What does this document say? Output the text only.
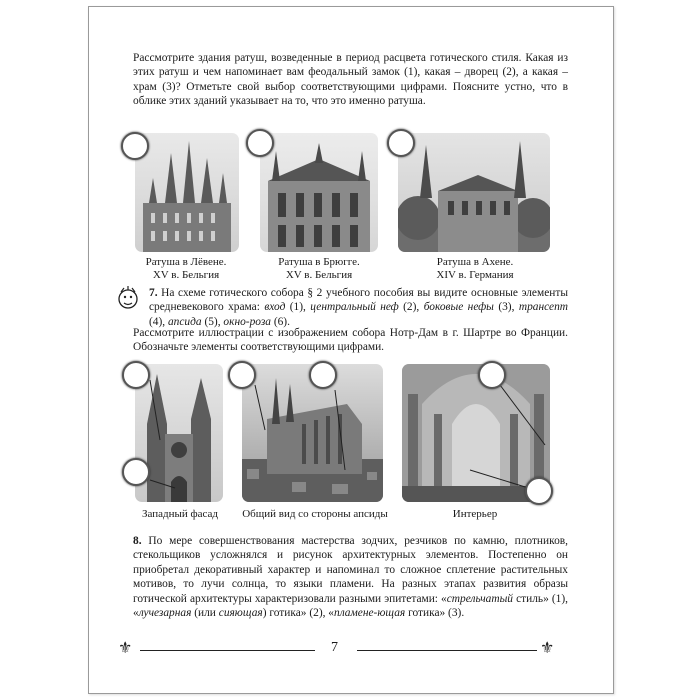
Рассмотрите здания ратуш, возведенные в период расцвета готического стиля. Какая из этих ратуш и чем напоминает вам феодальный замок (1), какая – дворец (2), а какая – храм (3)? Отметьте свой выбор соответствующими цифрами. Поясните устно, что в облике этих зданий указывает на то, что это именно ратуша.
Ратуша в Лёвене.
XV в. Бельгия
Ратуша в Брюгге.
XV в. Бельгия
Ратуша в Ахене.
XIV в. Германия
7. На схеме готического собора § 2 учебного пособия вы видите основные элементы средневекового храма: вход (1), центральный неф (2), боковые нефы (3), трансепт (4), апсида (5), окно-роза (6).
Рассмотрите иллюстрации с изображением собора Нотр-Дам в г. Шартре во Франции. Обозначьте элементы соответствующими цифрами.
Западный фасад	Общий вид со стороны апсиды	Интерьер
8. По мере совершенствования мастерства зодчих, резчиков по камню, плотников, стекольщиков усложнялся и рисунок архитектурных элементов. Постепенно он приобретал декоративный характер и напоминал то сложное сплетение растительных мотивов, то лучи солнца, то языки пламени. На разных этапах развития образы готической архитектуры характеризовали разными эпитетами: «стрельчатый стиль» (1), «лучезарная (или сияющая) готика» (2), «пламене-ющая готика» (3).
⚜	7	⚜
